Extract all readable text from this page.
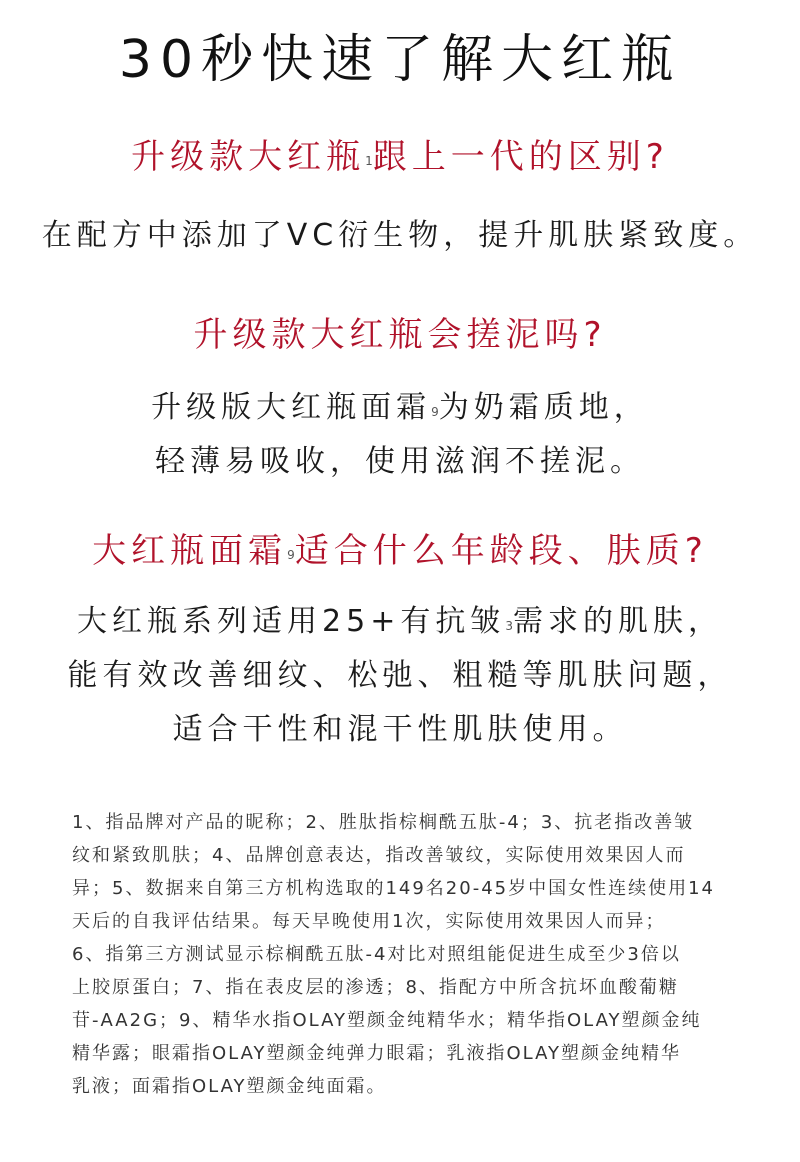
30秒快速了解大红瓶
升级款大红瓶$^1$跟上一代的区别?
在配方中添加了VC衍生物，提升肌肤紧致度。
升级款大红瓶会搓泥吗?
升级版大红瓶面霜$^9$为奶霜质地，
轻薄易吸收，使用滋润不搓泥。
大红瓶面霜$^9$适合什么年龄段、肤质?
大红瓶系列适用25+有抗皱$^3$需求的肌肤，
能有效改善细纹、松弛、粗糙等肌肤问题，
适合干性和混干性肌肤使用。
1、指品牌对产品的昵称；2、胜肽指棕榈酰五肽-4；3、抗老指改善皱
纹和紧致肌肤；4、品牌创意表达，指改善皱纹，实际使用效果因人而
异；5、数据来自第三方机构选取的149名20-45岁中国女性连续使用14
天后的自我评估结果。每天早晚使用1次，实际使用效果因人而异；
6、指第三方测试显示棕榈酰五肽-4对比对照组能促进生成至少3倍以
上胶原蛋白；7、指在表皮层的渗透；8、指配方中所含抗坏血酸葡糖
苷-AA2G；9、精华水指OLAY塑颜金纯精华水；精华指OLAY塑颜金纯
精华露；眼霜指OLAY塑颜金纯弹力眼霜；乳液指OLAY塑颜金纯精华
乳液；面霜指OLAY塑颜金纯面霜。
